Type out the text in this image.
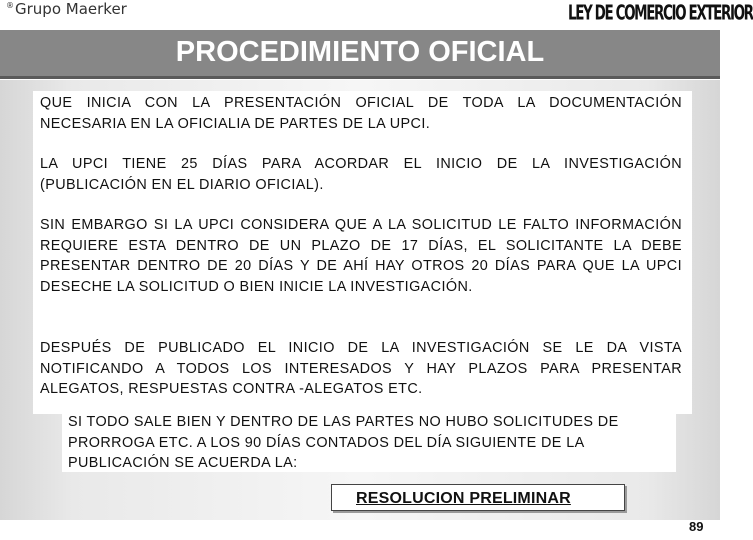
®Grupo Maerker	LEY DE COMERCIO EXTERIOR
PROCEDIMIENTO OFICIAL

QUE INICIA CON LA PRESENTACIÓN OFICIAL DE TODA LA DOCUMENTACIÓN NECESARIA EN LA OFICIALIA DE PARTES DE LA UPCI.

LA UPCI TIENE 25 DÍAS PARA ACORDAR EL INICIO DE LA INVESTIGACIÓN (PUBLICACIÓN EN EL DIARIO OFICIAL).

SIN EMBARGO SI LA UPCI CONSIDERA QUE A LA SOLICITUD LE FALTO INFORMACIÓN REQUIERE ESTA DENTRO DE UN PLAZO DE 17 DÍAS, EL SOLICITANTE LA DEBE PRESENTAR DENTRO DE 20 DÍAS Y DE AHÍ HAY OTROS 20 DÍAS PARA QUE LA UPCI DESECHE LA SOLICITUD O BIEN INICIE LA INVESTIGACIÓN.

DESPUÉS DE PUBLICADO EL INICIO DE LA INVESTIGACIÓN SE LE DA VISTA NOTIFICANDO A TODOS LOS INTERESADOS Y HAY PLAZOS PARA PRESENTAR ALEGATOS, RESPUESTAS CONTRA -ALEGATOS ETC.

SI TODO SALE BIEN Y DENTRO DE LAS PARTES NO HUBO SOLICITUDES DE PRORROGA ETC. A LOS 90 DÍAS CONTADOS DEL DÍA SIGUIENTE DE LA PUBLICACIÓN SE ACUERDA LA:
RESOLUCION PRELIMINAR
89
